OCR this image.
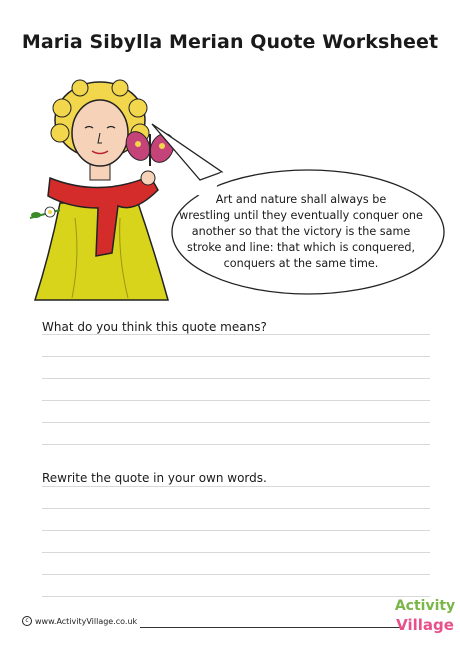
Maria Sibylla Merian Quote Worksheet
Art and nature shall always be
wrestling until they eventually conquer one
another so that the victory is the same
stroke and line: that which is conquered,
conquers at the same time.
What do you think this quote means?
Rewrite the quote in your own words.
c www.ActivityVillage.co.uk
Activity
Village
